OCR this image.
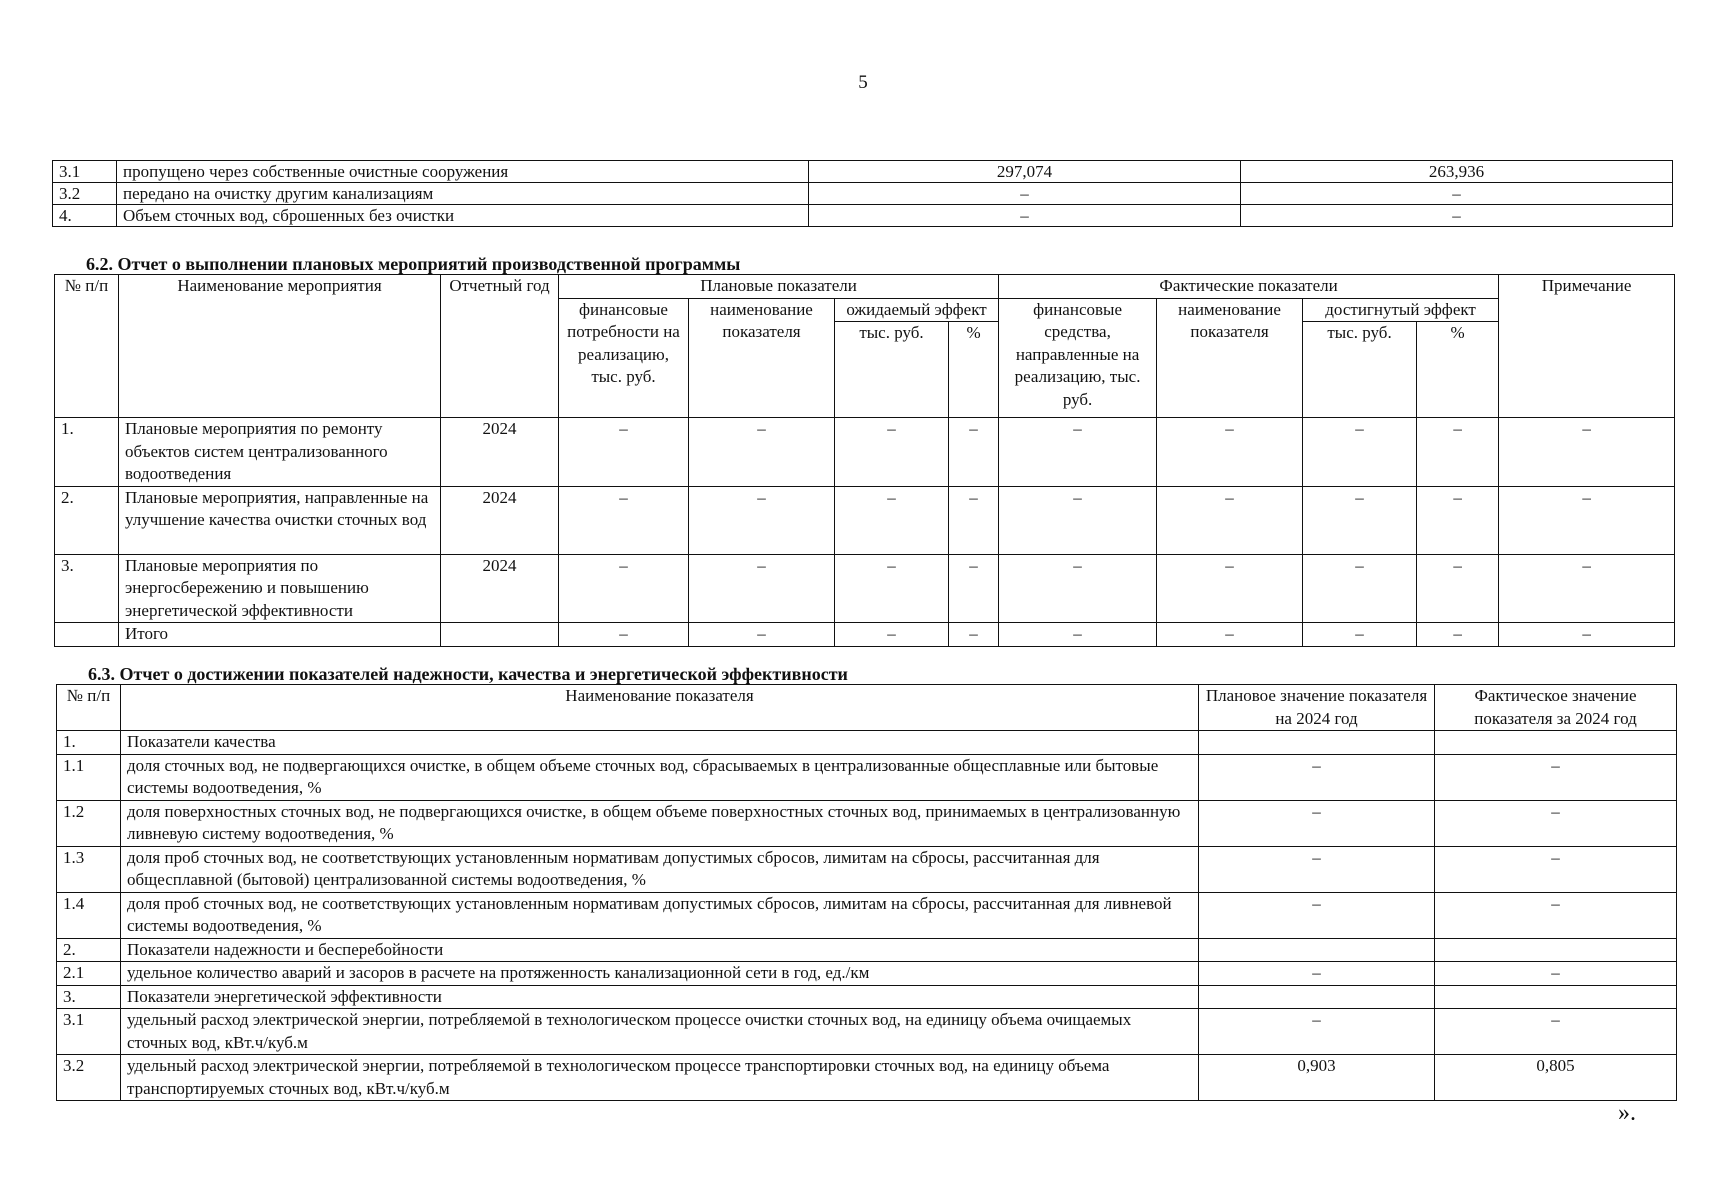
5
3.1	пропущено через собственные очистные сооружения	297,074	263,936
3.2	передано на очистку другим канализациям	–	–
4.	Объем сточных вод, сброшенных без очистки	–	–
6.2. Отчет о выполнении плановых мероприятий производственной программы
№ п/п	Наименование мероприятия	Отчетный год	Плановые показатели				Фактические показатели				Примечание
			финансовые потребности на реализацию, тыс. руб.	наименование показателя	ожидаемый эффект		финансовые средства, направленные на реализацию, тыс. руб.	наименование показателя	достигнутый эффект		
					тыс. руб.	%			тыс. руб.	%	
1.	Плановые мероприятия по ремонту объектов систем централизованного водоотведения	2024	–	–	–	–	–	–	–	–	–
2.	Плановые мероприятия, направленные на улучшение качества очистки сточных вод	2024	–	–	–	–	–	–	–	–	–
3.	Плановые мероприятия по энергосбережению и повышению энергетической эффективности	2024	–	–	–	–	–	–	–	–	–
	Итого		–	–	–	–	–	–	–	–	–
6.3. Отчет о достижении показателей надежности, качества и энергетической эффективности
№ п/п	Наименование показателя	Плановое значение показателя на 2024 год	Фактическое значение показателя за 2024 год
1.	Показатели качества		
1.1	доля сточных вод, не подвергающихся очистке, в общем объеме сточных вод, сбрасываемых в централизованные общесплавные или бытовые системы водоотведения, %	–	–
1.2	доля поверхностных сточных вод, не подвергающихся очистке, в общем объеме поверхностных сточных вод, принимаемых в централизованную ливневую систему водоотведения, %	–	–
1.3	доля проб сточных вод, не соответствующих установленным нормативам допустимых сбросов, лимитам на сбросы, рассчитанная для общесплавной (бытовой) централизованной системы водоотведения, %	–	–
1.4	доля проб сточных вод, не соответствующих установленным нормативам допустимых сбросов, лимитам на сбросы, рассчитанная для ливневой системы водоотведения, %	–	–
2.	Показатели надежности и бесперебойности		
2.1	удельное количество аварий и засоров в расчете на протяженность канализационной сети в год, ед./км	–	–
3.	Показатели энергетической эффективности		
3.1	удельный расход электрической энергии, потребляемой в технологическом процессе очистки сточных вод, на единицу объема очищаемых сточных вод, кВт.ч/куб.м	–	–
3.2	удельный расход электрической энергии, потребляемой в технологическом процессе транспортировки сточных вод, на единицу объема транспортируемых сточных вод, кВт.ч/куб.м	0,903	0,805
».
